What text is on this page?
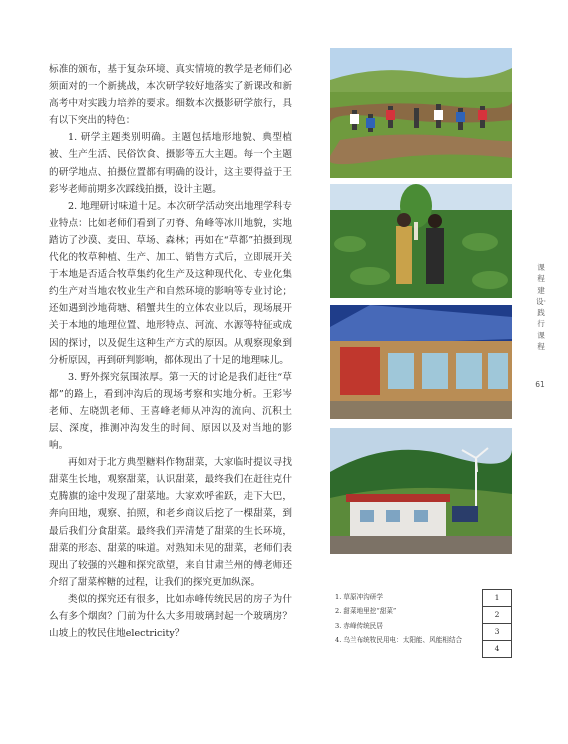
标准的颁布，基于复杂环境、真实情境的教学是老师们必须面对的一个新挑战，本次研学较好地落实了新课改和新高考中对实践力培养的要求。细数本次摄影研学旅行，具有以下突出的特色：

1. 研学主题类别明确。主题包括地形地貌、典型植被、生产生活、民俗饮食、摄影等五大主题。每一个主题的研学地点、拍摄位置都有明确的设计，这主要得益于王彩岑老师前期多次踩线拍摄，设计主题。

2. 地理研讨味道十足。本次研学活动突出地理学科专业特点：比如老师们看到了刃脊、角峰等冰川地貌，实地踏访了沙漠、麦田、草场、森林；再如在“草都”拍摄到现代化的牧草种植、生产、加工、销售方式后，立即展开关于本地是否适合牧草集约化生产及这种现代化、专业化集约生产对当地农牧业生产和自然环境的影响等专业讨论；还如遇到沙地荷塘、稻蟹共生的立体农业以后，现场展开关于本地的地理位置、地形特点、河流、水源等特征或成因的探讨，以及促生这种生产方式的原因。从观察现象到分析原因，再到研判影响，都体现出了十足的地理味儿。

3. 野外探究氛围浓厚。第一天的讨论是我们赶往“草都”的路上，看到冲沟后的现场考察和实地分析。王彩岑老师、左晓凯老师、王喜峰老师从冲沟的流向、沉积土层、深度，推测冲沟发生的时间、原因以及对当地的影响。

再如对于北方典型糖料作物甜菜，大家临时提议寻找甜菜生长地，观察甜菜，认识甜菜，最终我们在赶往克什克腾旗的途中发现了甜菜地。大家欢呼雀跃，走下大巴，奔向田地，观察、拍照，和老乡商议后挖了一棵甜菜，到最后我们分食甜菜。最终我们弄清楚了甜菜的生长环境，甜菜的形态、甜菜的味道。对熟知未见的甜菜，老师们表现出了较强的兴趣和探究欲望，来自甘肃兰州的傅老师还介绍了甜菜榨糖的过程，让我们的探究更加纵深。

类似的探究还有很多，比如赤峰传统民居的房子为什么有多个烟囱？门前为什么大多用玻璃封起一个玻璃房？山坡上的牧民住地electricity？

课程建设·践行课程
61
1. 草原冲沟研学
2. 甜菜地里挖“甜菜”
3. 赤峰传统民居
4. 乌兰布统牧民用电：太阳能、风能相结合
1
2
3
4
